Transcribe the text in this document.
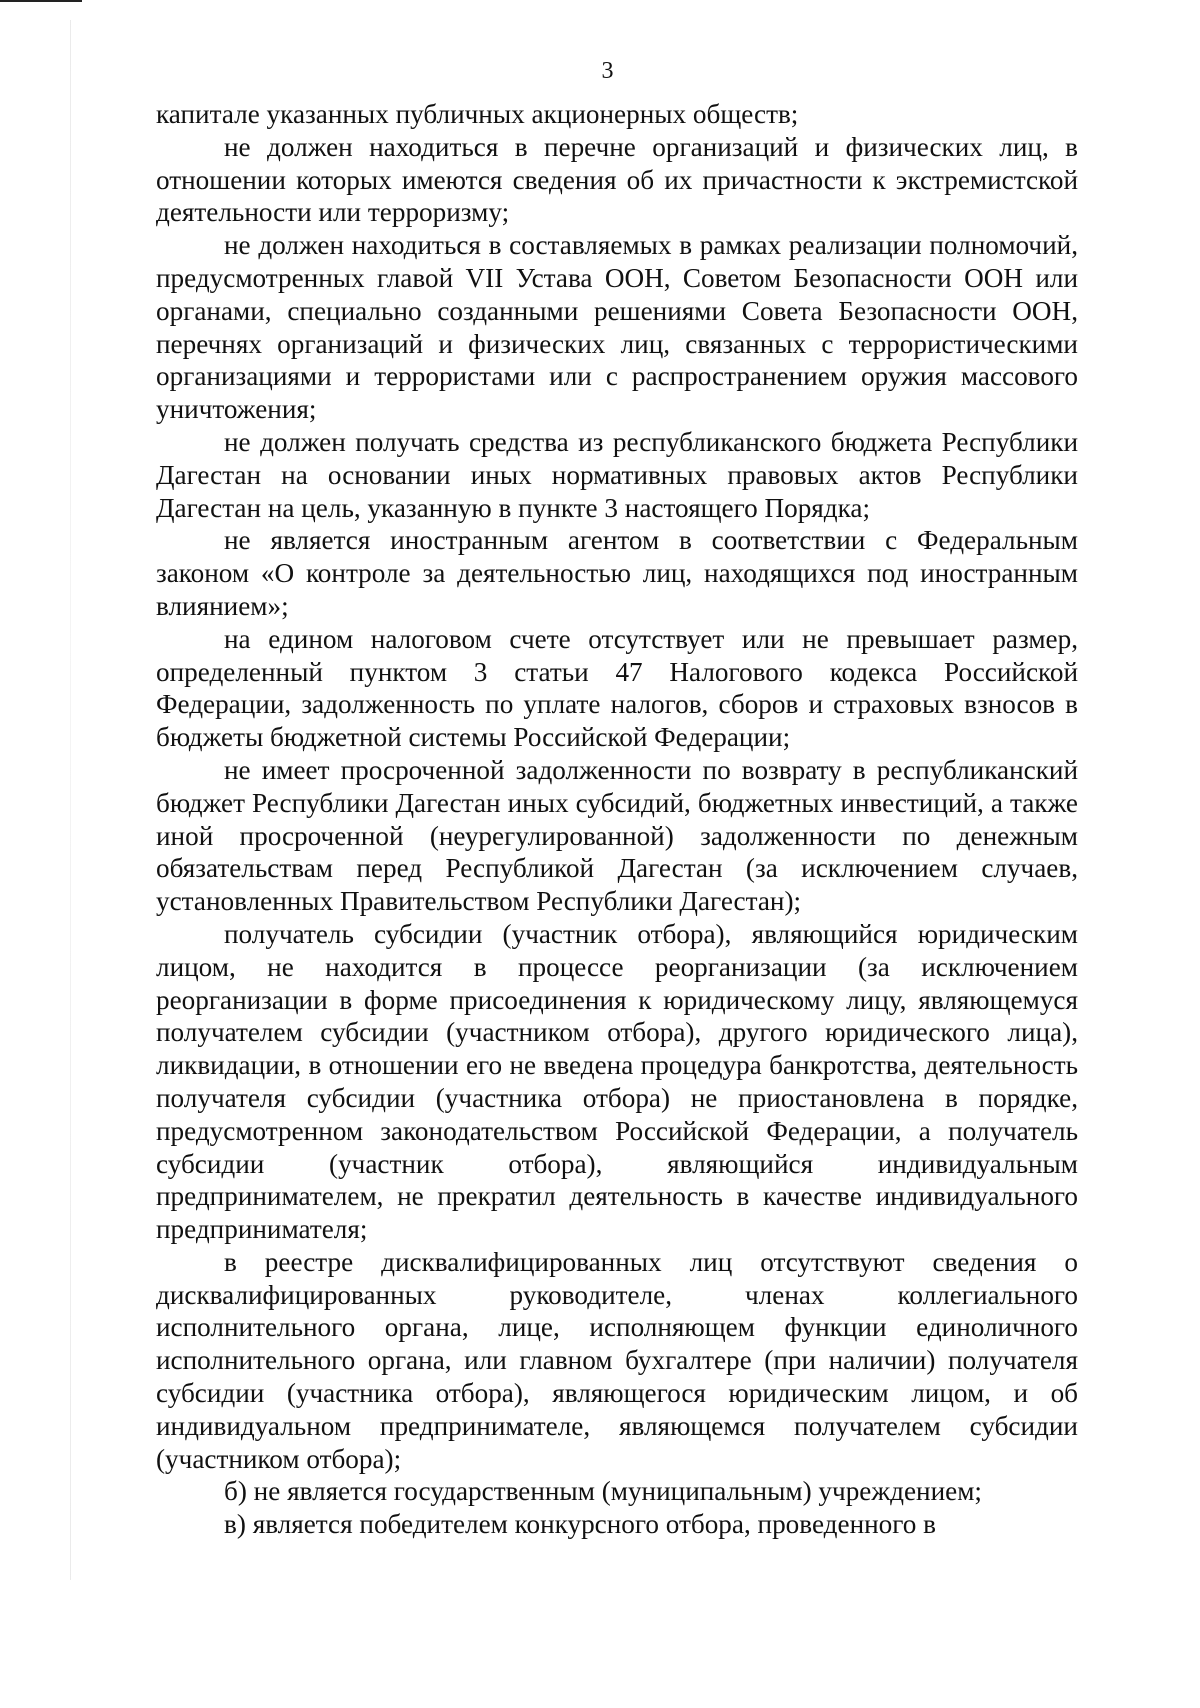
3

капитале указанных публичных акционерных обществ;

не должен находиться в перечне организаций и физических лиц, в отношении которых имеются сведения об их причастности к экстремистской деятельности или терроризму;

не должен находиться в составляемых в рамках реализации полномочий, предусмотренных главой VII Устава ООН, Советом Безопасности ООН или органами, специально созданными решениями Совета Безопасности ООН, перечнях организаций и физических лиц, связанных с террористическими организациями и террористами или с распространением оружия массового уничтожения;

не должен получать средства из республиканского бюджета Республики Дагестан на основании иных нормативных правовых актов Республики Дагестан на цель, указанную в пункте 3 настоящего Порядка;

не является иностранным агентом в соответствии с Федеральным законом «О контроле за деятельностью лиц, находящихся под иностранным влиянием»;

на едином налоговом счете отсутствует или не превышает размер, определенный пунктом 3 статьи 47 Налогового кодекса Российской Федерации, задолженность по уплате налогов, сборов и страховых взносов в бюджеты бюджетной системы Российской Федерации;

не имеет просроченной задолженности по возврату в республиканский бюджет Республики Дагестан иных субсидий, бюджетных инвестиций, а также иной просроченной (неурегулированной) задолженности по денежным обязательствам перед Республикой Дагестан (за исключением случаев, установленных Правительством Республики Дагестан);

получатель субсидии (участник отбора), являющийся юридическим лицом, не находится в процессе реорганизации (за исключением реорганизации в форме присоединения к юридическому лицу, являющемуся получателем субсидии (участником отбора), другого юридического лица), ликвидации, в отношении его не введена процедура банкротства, деятельность получателя субсидии (участника отбора) не приостановлена в порядке, предусмотренном законодательством Российской Федерации, а получатель субсидии (участник отбора), являющийся индивидуальным предпринимателем, не прекратил деятельность в качестве индивидуального предпринимателя;

в реестре дисквалифицированных лиц отсутствуют сведения о дисквалифицированных руководителе, членах коллегиального исполнительного органа, лице, исполняющем функции единоличного исполнительного органа, или главном бухгалтере (при наличии) получателя субсидии (участника отбора), являющегося юридическим лицом, и об индивидуальном предпринимателе, являющемся получателем субсидии (участником отбора);

б) не является государственным (муниципальным) учреждением;

в) является победителем конкурсного отбора, проведенного в
